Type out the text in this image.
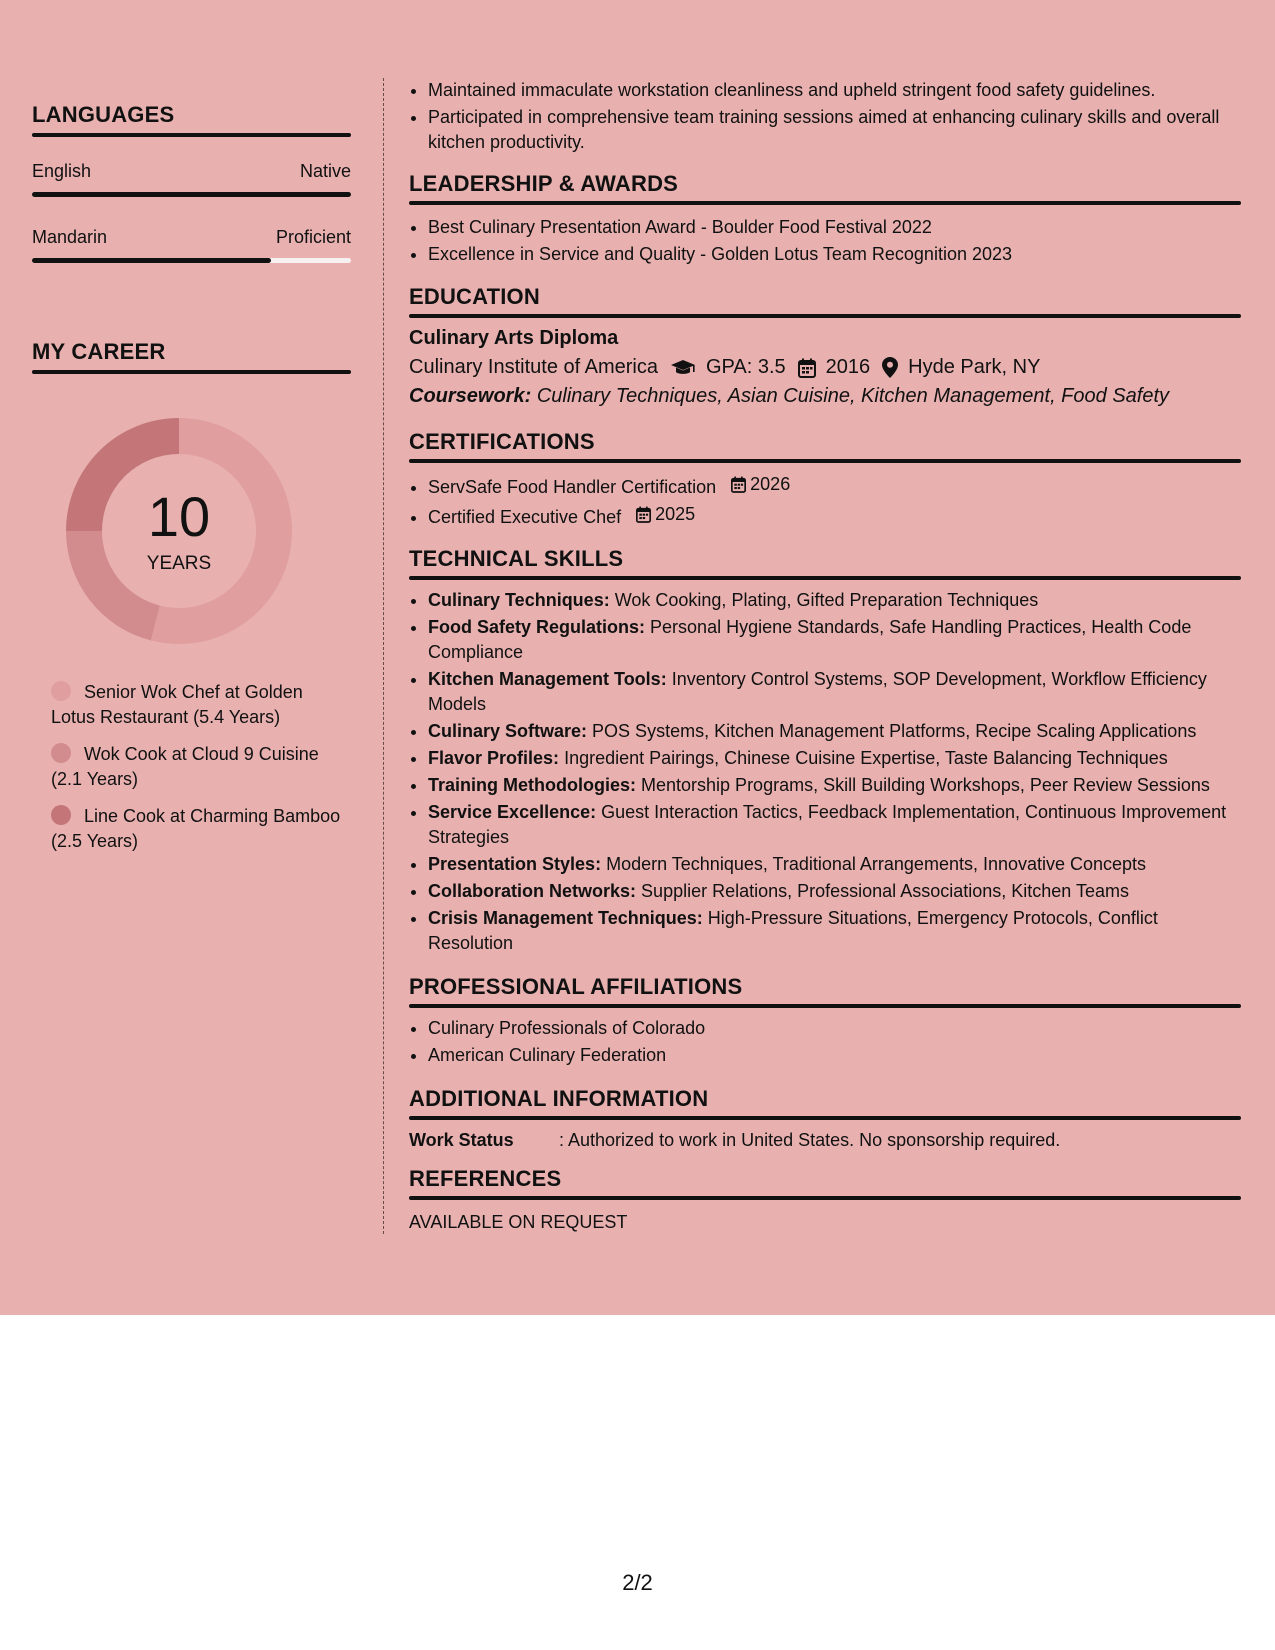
LANGUAGES
English	Native
Mandarin	Proficient
MY CAREER
10
YEARS
Senior Wok Chef at Golden Lotus Restaurant (5.4 Years)
Wok Cook at Cloud 9 Cuisine (2.1 Years)
Line Cook at Charming Bamboo (2.5 Years)
• Maintained immaculate workstation cleanliness and upheld stringent food safety guidelines.
• Participated in comprehensive team training sessions aimed at enhancing culinary skills and overall kitchen productivity.
LEADERSHIP & AWARDS
• Best Culinary Presentation Award - Boulder Food Festival 2022
• Excellence in Service and Quality - Golden Lotus Team Recognition 2023
EDUCATION
Culinary Arts Diploma
Culinary Institute of America GPA: 3.5 2016 Hyde Park, NY
Coursework: Culinary Techniques, Asian Cuisine, Kitchen Management, Food Safety
CERTIFICATIONS
• ServSafe Food Handler Certification 2026
• Certified Executive Chef 2025
TECHNICAL SKILLS
• Culinary Techniques: Wok Cooking, Plating, Gifted Preparation Techniques
• Food Safety Regulations: Personal Hygiene Standards, Safe Handling Practices, Health Code Compliance
• Kitchen Management Tools: Inventory Control Systems, SOP Development, Workflow Efficiency Models
• Culinary Software: POS Systems, Kitchen Management Platforms, Recipe Scaling Applications
• Flavor Profiles: Ingredient Pairings, Chinese Cuisine Expertise, Taste Balancing Techniques
• Training Methodologies: Mentorship Programs, Skill Building Workshops, Peer Review Sessions
• Service Excellence: Guest Interaction Tactics, Feedback Implementation, Continuous Improvement Strategies
• Presentation Styles: Modern Techniques, Traditional Arrangements, Innovative Concepts
• Collaboration Networks: Supplier Relations, Professional Associations, Kitchen Teams
• Crisis Management Techniques: High-Pressure Situations, Emergency Protocols, Conflict Resolution
PROFESSIONAL AFFILIATIONS
• Culinary Professionals of Colorado
• American Culinary Federation
ADDITIONAL INFORMATION
Work Status	: Authorized to work in United States. No sponsorship required.
REFERENCES
AVAILABLE ON REQUEST
2/2
